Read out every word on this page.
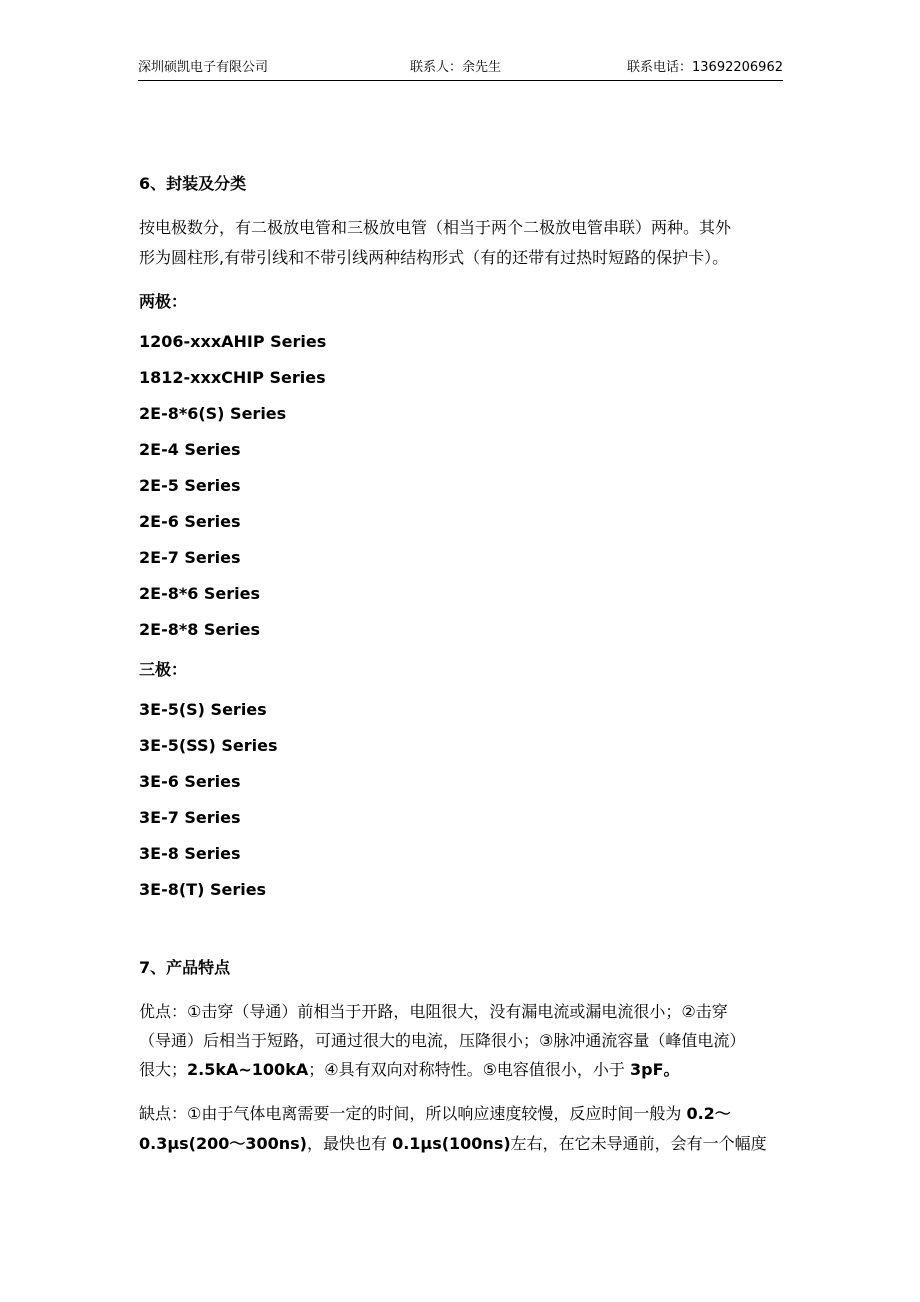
深圳硕凯电子有限公司	联系人：余先生	联系电话：13692206962
6、封装及分类
按电极数分，有二极放电管和三极放电管（相当于两个二极放电管串联）两种。其外
形为圆柱形,有带引线和不带引线两种结构形式（有的还带有过热时短路的保护卡）。
两极：
1206-xxxAHIP Series
1812-xxxCHIP Series
2E-8*6(S) Series
2E-4 Series
2E-5 Series
2E-6 Series
2E-7 Series
2E-8*6 Series
2E-8*8 Series
三极：
3E-5(S) Series
3E-5(SS) Series
3E-6 Series
3E-7 Series
3E-8 Series
3E-8(T) Series
7、产品特点
优点：①击穿（导通）前相当于开路，电阻很大，没有漏电流或漏电流很小；②击穿
（导通）后相当于短路，可通过很大的电流，压降很小；③脉冲通流容量（峰值电流）
很大；2.5kA~100kA；④具有双向对称特性。⑤电容值很小，小于 3pF。
缺点：①由于气体电离需要一定的时间，所以响应速度较慢，反应时间一般为 0.2～
0.3μs(200～300ns)，最快也有 0.1μs(100ns)左右，在它未导通前，会有一个幅度
